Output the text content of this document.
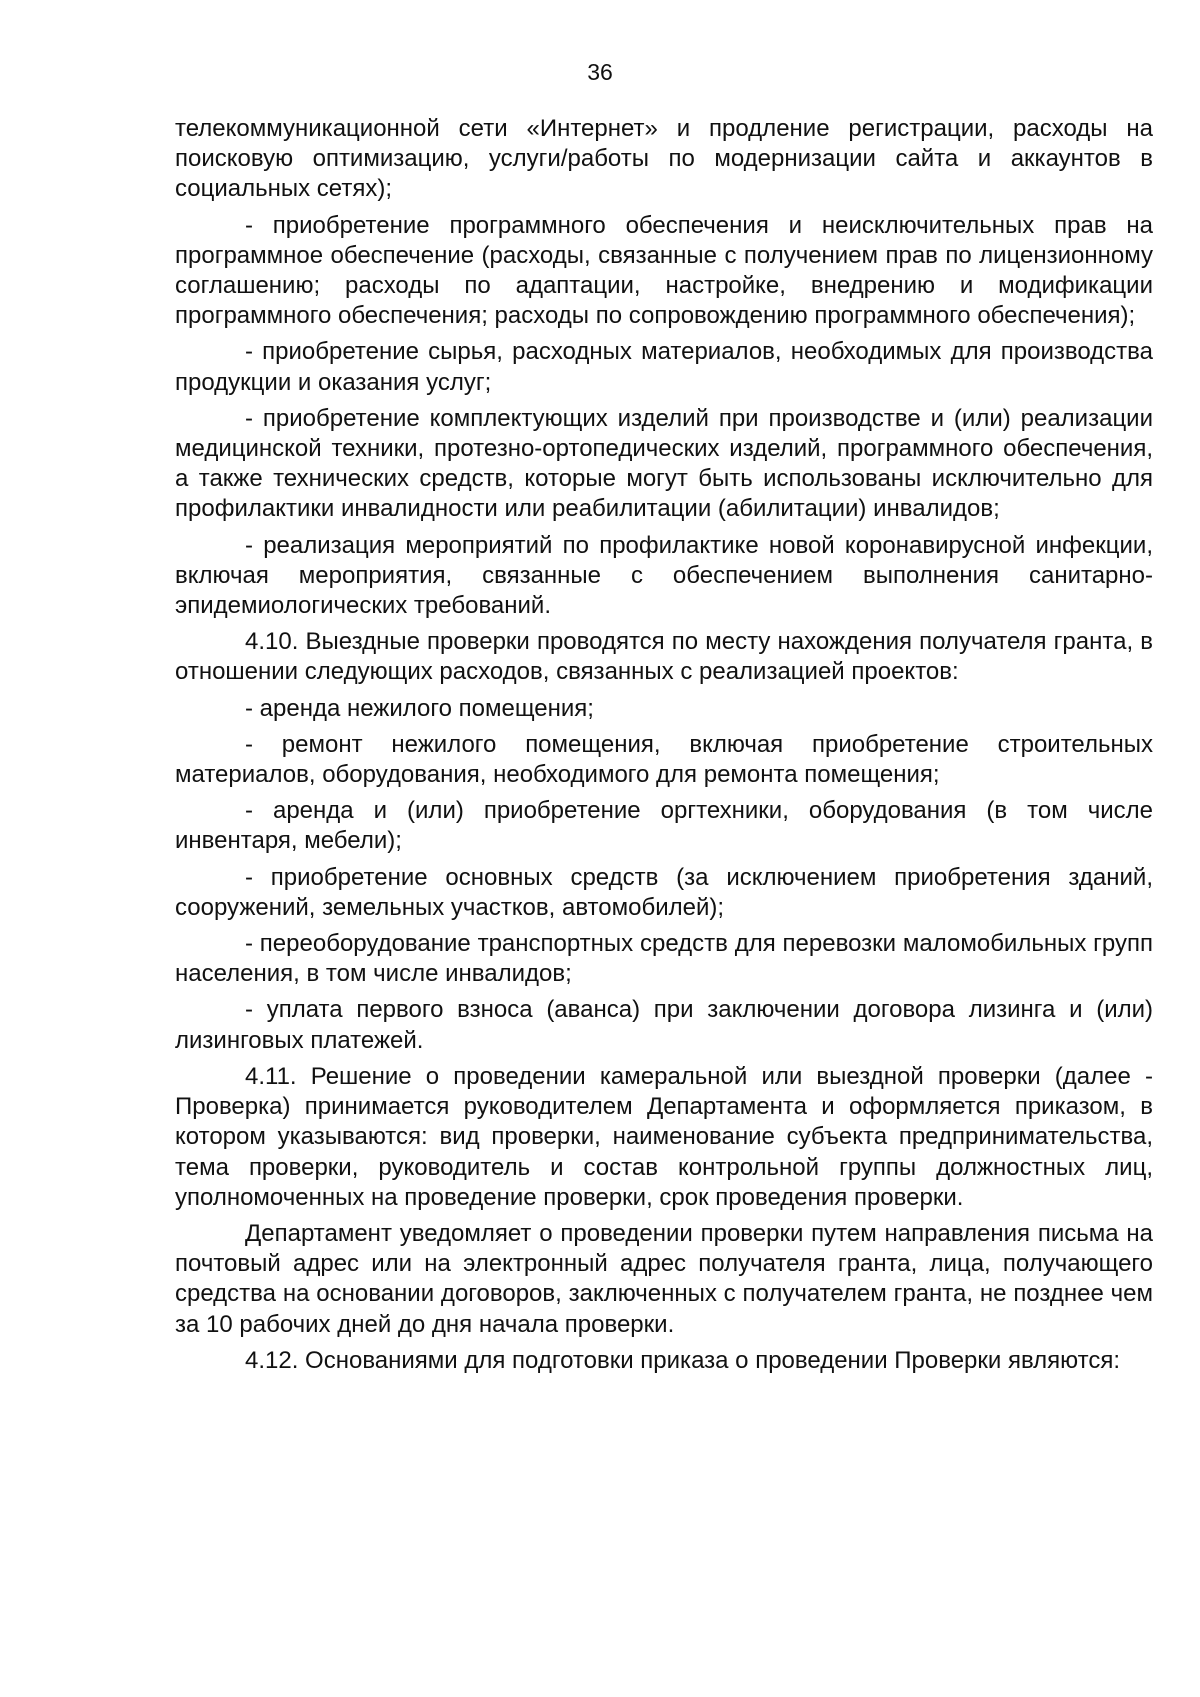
36

телекоммуникационной сети «Интернет» и продление регистрации, расходы на поисковую оптимизацию, услуги/работы по модернизации сайта и аккаунтов в социальных сетях);

- приобретение программного обеспечения и неисключительных прав на программное обеспечение (расходы, связанные с получением прав по лицензионному соглашению; расходы по адаптации, настройке, внедрению и модификации программного обеспечения; расходы по сопровождению программного обеспечения);

- приобретение сырья, расходных материалов, необходимых для производства продукции и оказания услуг;

- приобретение комплектующих изделий при производстве и (или) реализации медицинской техники, протезно-ортопедических изделий, программного обеспечения, а также технических средств, которые могут быть использованы исключительно для профилактики инвалидности или реабилитации (абилитации) инвалидов;

- реализация мероприятий по профилактике новой коронавирусной инфекции, включая мероприятия, связанные с обеспечением выполнения санитарно-эпидемиологических требований.

4.10. Выездные проверки проводятся по месту нахождения получателя гранта, в отношении следующих расходов, связанных с реализацией проектов:

- аренда нежилого помещения;

- ремонт нежилого помещения, включая приобретение строительных материалов, оборудования, необходимого для ремонта помещения;

- аренда и (или) приобретение оргтехники, оборудования (в том числе инвентаря, мебели);

- приобретение основных средств (за исключением приобретения зданий, сооружений, земельных участков, автомобилей);

- переоборудование транспортных средств для перевозки маломобильных групп населения, в том числе инвалидов;

- уплата первого взноса (аванса) при заключении договора лизинга и (или) лизинговых платежей.

4.11. Решение о проведении камеральной или выездной проверки (далее - Проверка) принимается руководителем Департамента и оформляется приказом, в котором указываются: вид проверки, наименование субъекта предпринимательства, тема проверки, руководитель и состав контрольной группы должностных лиц, уполномоченных на проведение проверки, срок проведения проверки.

Департамент уведомляет о проведении проверки путем направления письма на почтовый адрес или на электронный адрес получателя гранта, лица, получающего средства на основании договоров, заключенных с получателем гранта, не позднее чем за 10 рабочих дней до дня начала проверки.

4.12. Основаниями для подготовки приказа о проведении Проверки являются:
